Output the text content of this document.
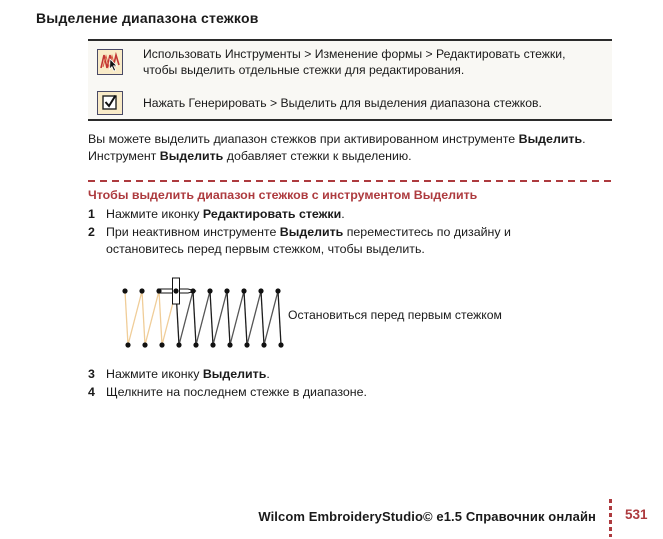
Выделение диапазона стежков
Использовать Инструменты > Изменение формы > Редактировать стежки, чтобы выделить отдельные стежки для редактирования.
Нажать Генерировать > Выделить для выделения диапазона стежков.
Вы можете выделить диапазон стежков при активированном инструменте Выделить. Инструмент Выделить добавляет стежки к выделению.
Чтобы выделить диапазон стежков с инструментом Выделить
1 Нажмите иконку Редактировать стежки.
2 При неактивном инструменте Выделить переместитесь по дизайну и остановитесь перед первым стежком, чтобы выделить.
Остановиться перед первым стежком
3 Нажмите иконку Выделить.
4 Щелкните на последнем стежке в диапазоне.
Wilcom EmbroideryStudio© e1.5 Справочник онлайн 531
